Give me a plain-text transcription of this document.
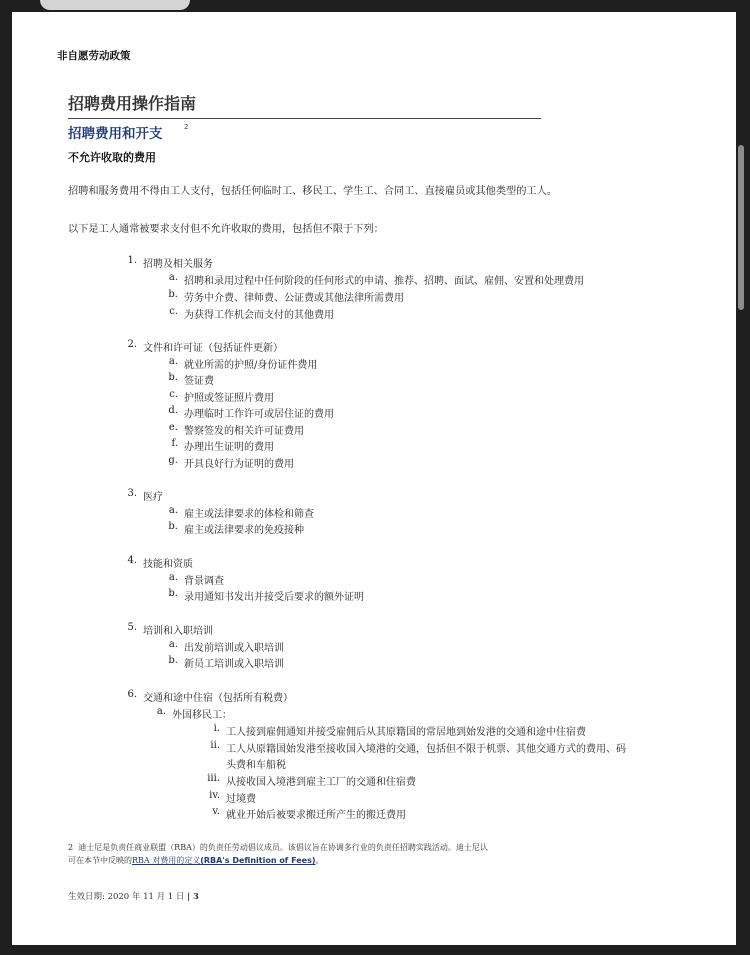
非自愿劳动政策
招聘费用操作指南
招聘费用和开支	2
不允许收取的费用
招聘和服务费用不得由工人支付，包括任何临时工、移民工、学生工、合同工、直接雇员或其他类型的工人。
以下是工人通常被要求支付但不允许收取的费用，包括但不限于下列：
1. 招聘及相关服务
a. 招聘和录用过程中任何阶段的任何形式的申请、推荐、招聘、面试、雇佣、安置和处理费用
b. 劳务中介费、律师费、公证费或其他法律所需费用
c. 为获得工作机会而支付的其他费用
2. 文件和许可证（包括证件更新）
a. 就业所需的护照/身份证件费用
b. 签证费
c. 护照或签证照片费用
d. 办理临时工作许可或居住证的费用
e. 警察签发的相关许可证费用
f. 办理出生证明的费用
g. 开具良好行为证明的费用
3. 医疗
a. 雇主或法律要求的体检和筛查
b. 雇主或法律要求的免疫接种
4. 技能和资质
a. 背景调查
b. 录用通知书发出并接受后要求的额外证明
5. 培训和入职培训
a. 出发前培训或入职培训
b. 新员工培训或入职培训
6. 交通和途中住宿（包括所有税费）
a. 外国移民工：
i. 工人接到雇佣通知并接受雇佣后从其原籍国的常居地到始发港的交通和途中住宿费
ii. 工人从原籍国始发港至接收国入境港的交通，包括但不限于机票、其他交通方式的费用、码
头费和车船税
iii. 从接收国入境港到雇主工厂的交通和住宿费
iv. 过境费
v. 就业开始后被要求搬迁所产生的搬迁费用
2 迪士尼是负责任商业联盟（RBA）的负责任劳动倡议成员。该倡议旨在协调多行业的负责任招聘实践活动。迪士尼认
可在本节中反映的RBA 对费用的定义(RBA's Definition of Fees)。
生效日期: 2020 年 11 月 1 日 | 3
